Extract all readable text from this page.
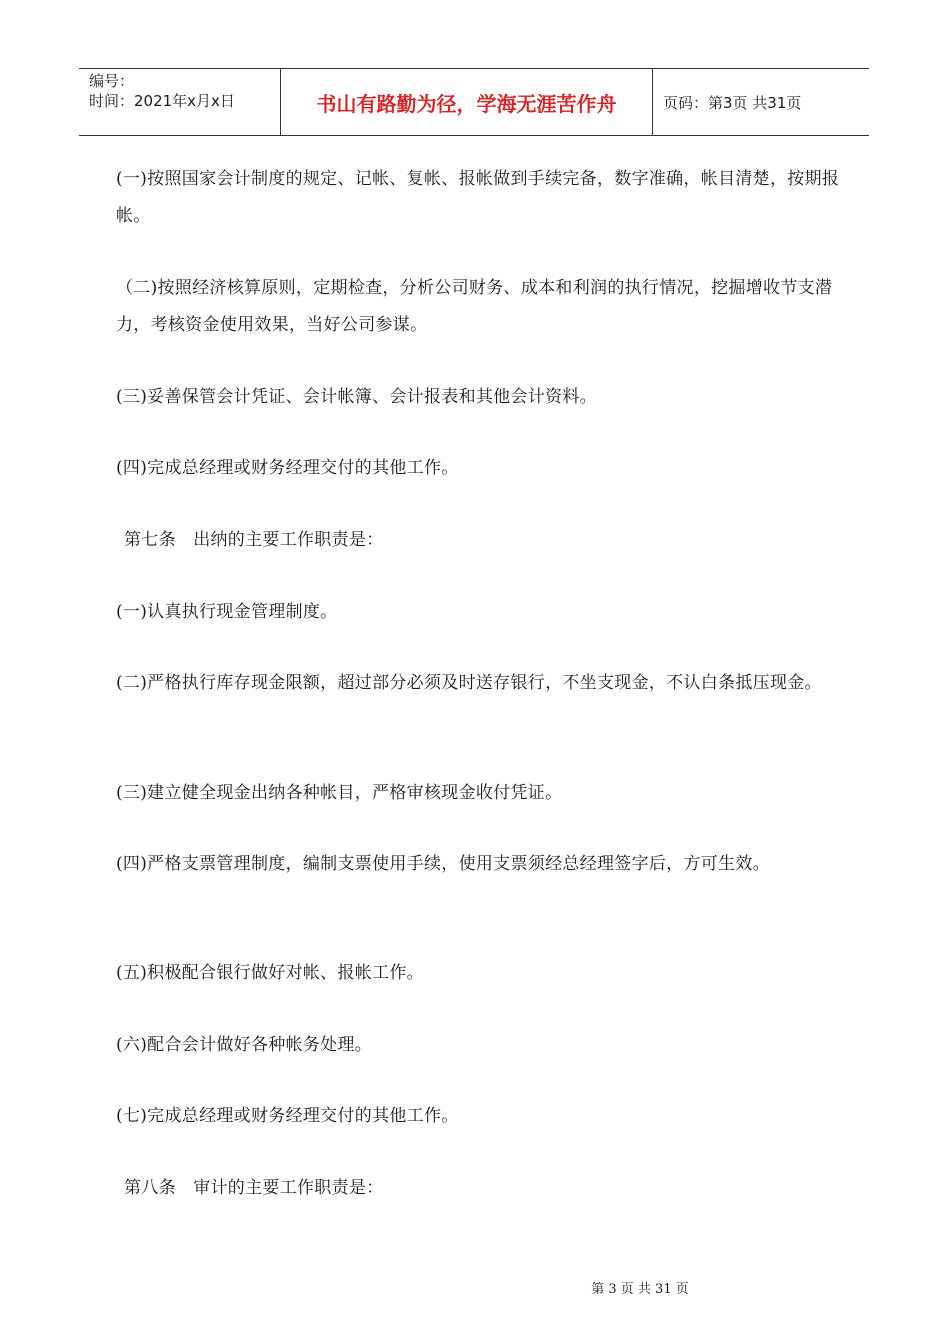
编号：
时间：2021年x月x日	书山有路勤为径，学海无涯苦作舟	页码：第3页 共31页

(一)按照国家会计制度的规定、记帐、复帐、报帐做到手续完备，数字准确，帐目清楚，按期报帐。

（二)按照经济核算原则，定期检查，分析公司财务、成本和利润的执行情况，挖掘增收节支潜力，考核资金使用效果，当好公司参谋。

(三)妥善保管会计凭证、会计帐簿、会计报表和其他会计资料。

(四)完成总经理或财务经理交付的其他工作。

第七条　出纳的主要工作职责是：

(一)认真执行现金管理制度。

(二)严格执行库存现金限额，超过部分必须及时送存银行，不坐支现金，不认白条抵压现金。

(三)建立健全现金出纳各种帐目，严格审核现金收付凭证。

(四)严格支票管理制度，编制支票使用手续，使用支票须经总经理签字后，方可生效。

(五)积极配合银行做好对帐、报帐工作。

(六)配合会计做好各种帐务处理。

(七)完成总经理或财务经理交付的其他工作。

第八条　审计的主要工作职责是：

第 3 页 共 31 页
